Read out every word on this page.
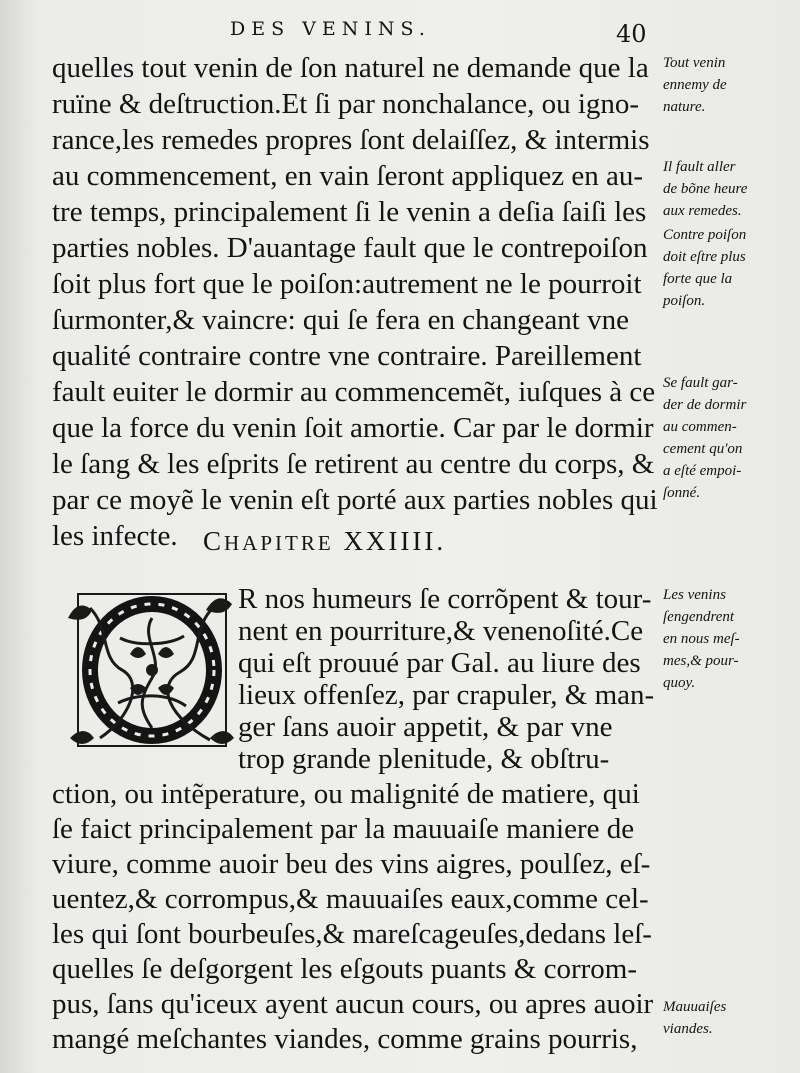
DES VENINS.	40
quelles tout venin de ſon naturel ne demande que la
ruïne & deſtruction.Et ſi par nonchalance, ou igno-
rance,les remedes propres ſont delaiſſez, & intermis
au commencement, en vain ſeront appliquez en au-
tre temps, principalement ſi le venin a deſia ſaiſi les
parties nobles. D'auantage fault que le contrepoiſon
ſoit plus fort que le poiſon:autrement ne le pourroit
ſurmonter,& vaincre: qui ſe fera en changeant vne
qualité contraire contre vne contraire. Pareillement
fault euiter le dormir au commencemẽt, iuſques à ce
que la force du venin ſoit amortie. Car par le dormir
le ſang & les eſprits ſe retirent au centre du corps, &
par ce moyẽ le venin eſt porté aux parties nobles qui
les infecte. CHAPITRE XXIIII.
R nos humeurs ſe corrõpent & tour-
nent en pourriture,& venenoſité.Ce
qui eſt prouué par Gal. au liure des
lieux offenſez, par crapuler, & man-
ger ſans auoir appetit, & par vne
trop grande plenitude, & obſtru-
ction, ou intẽperature, ou malignité de matiere, qui
ſe faict principalement par la mauuaiſe maniere de
viure, comme auoir beu des vins aigres, poulſez, eſ-
uentez,& corrompus,& mauuaiſes eaux,comme cel-
les qui ſont bourbeuſes,& mareſcageuſes,dedans leſ-
quelles ſe deſgorgent les eſgouts puants & corrom-
pus, ſans qu'iceux ayent aucun cours, ou apres auoir
mangé meſchantes viandes, comme grains pourris,
Tout venin
ennemy de
nature.
Il fault aller
de bõne heure
aux remedes.
Contre poiſon
doit eſtre plus
forte que la
poiſon.
Se fault gar-
der de dormir
au commen-
cement qu'on
a eſté empoi-
ſonné.
Les venins
ſengendrent
en nous meſ-
mes,& pour-
quoy.
Mauuaiſes
viandes.
